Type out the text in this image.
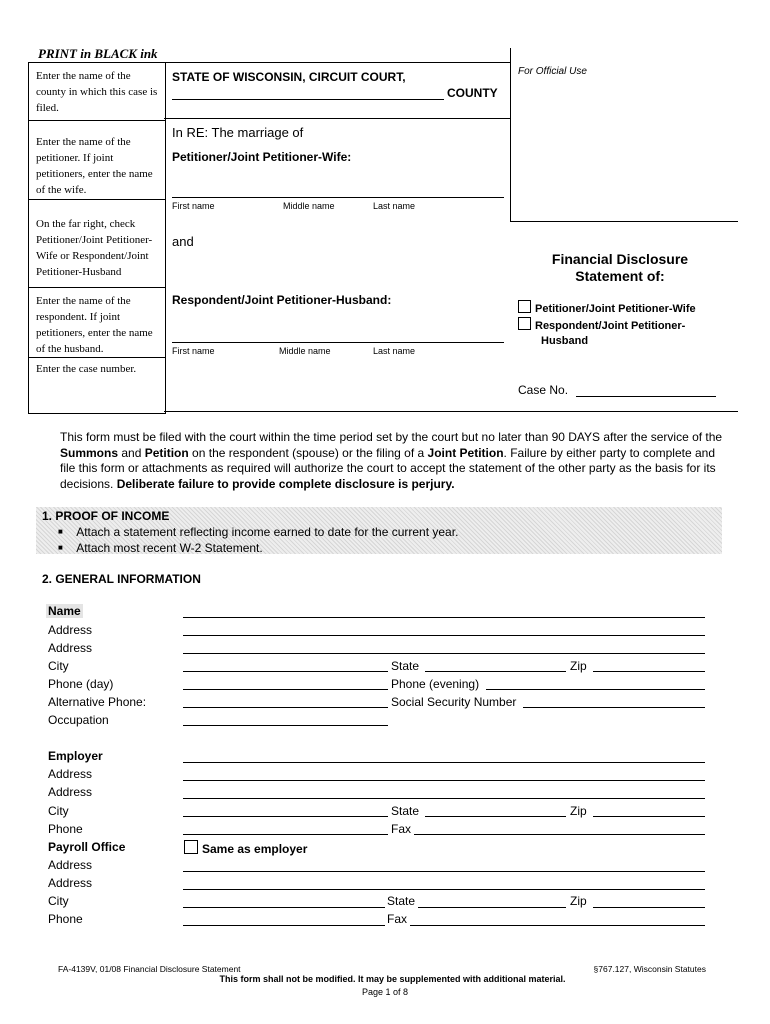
PRINT in BLACK ink
Enter the name of the county in which this case is filed.
Enter the name of the petitioner. If joint petitioners, enter the name of the wife.
On the far right, check Petitioner/Joint Petitioner-Wife or Respondent/Joint Petitioner-Husband
Enter the name of the respondent. If joint petitioners, enter the name of the husband.
Enter the case number.
STATE OF WISCONSIN, CIRCUIT COURT,
COUNTY
In RE: The marriage of
Petitioner/Joint Petitioner-Wife:
First name	Middle name	Last name
and
Respondent/Joint Petitioner-Husband:
First name	Middle name	Last name
For Official Use
Financial Disclosure
Statement of:
Petitioner/Joint Petitioner-Wife
Respondent/Joint Petitioner-
Husband
Case No.
This form must be filed with the court within the time period set by the court but no later than 90 DAYS after the service of the Summons and Petition on the respondent (spouse) or the filing of a Joint Petition. Failure by either party to complete and file this form or attachments as required will authorize the court to accept the statement of the other party as the basis for its decisions. Deliberate failure to provide complete disclosure is perjury.
1. PROOF OF INCOME
■ Attach a statement reflecting income earned to date for the current year.
■ Attach most recent W-2 Statement.
2. GENERAL INFORMATION
Name
Address
Address
City	State	Zip
Phone (day)	Phone (evening)
Alternative Phone:	Social Security Number
Occupation
Employer
Address
Address
City	State	Zip
Phone	Fax
Payroll Office	Same as employer
Address
Address
City	State	Zip
Phone	Fax
FA-4139V, 01/08 Financial Disclosure Statement	§767.127, Wisconsin Statutes
This form shall not be modified. It may be supplemented with additional material.
Page 1 of 8
